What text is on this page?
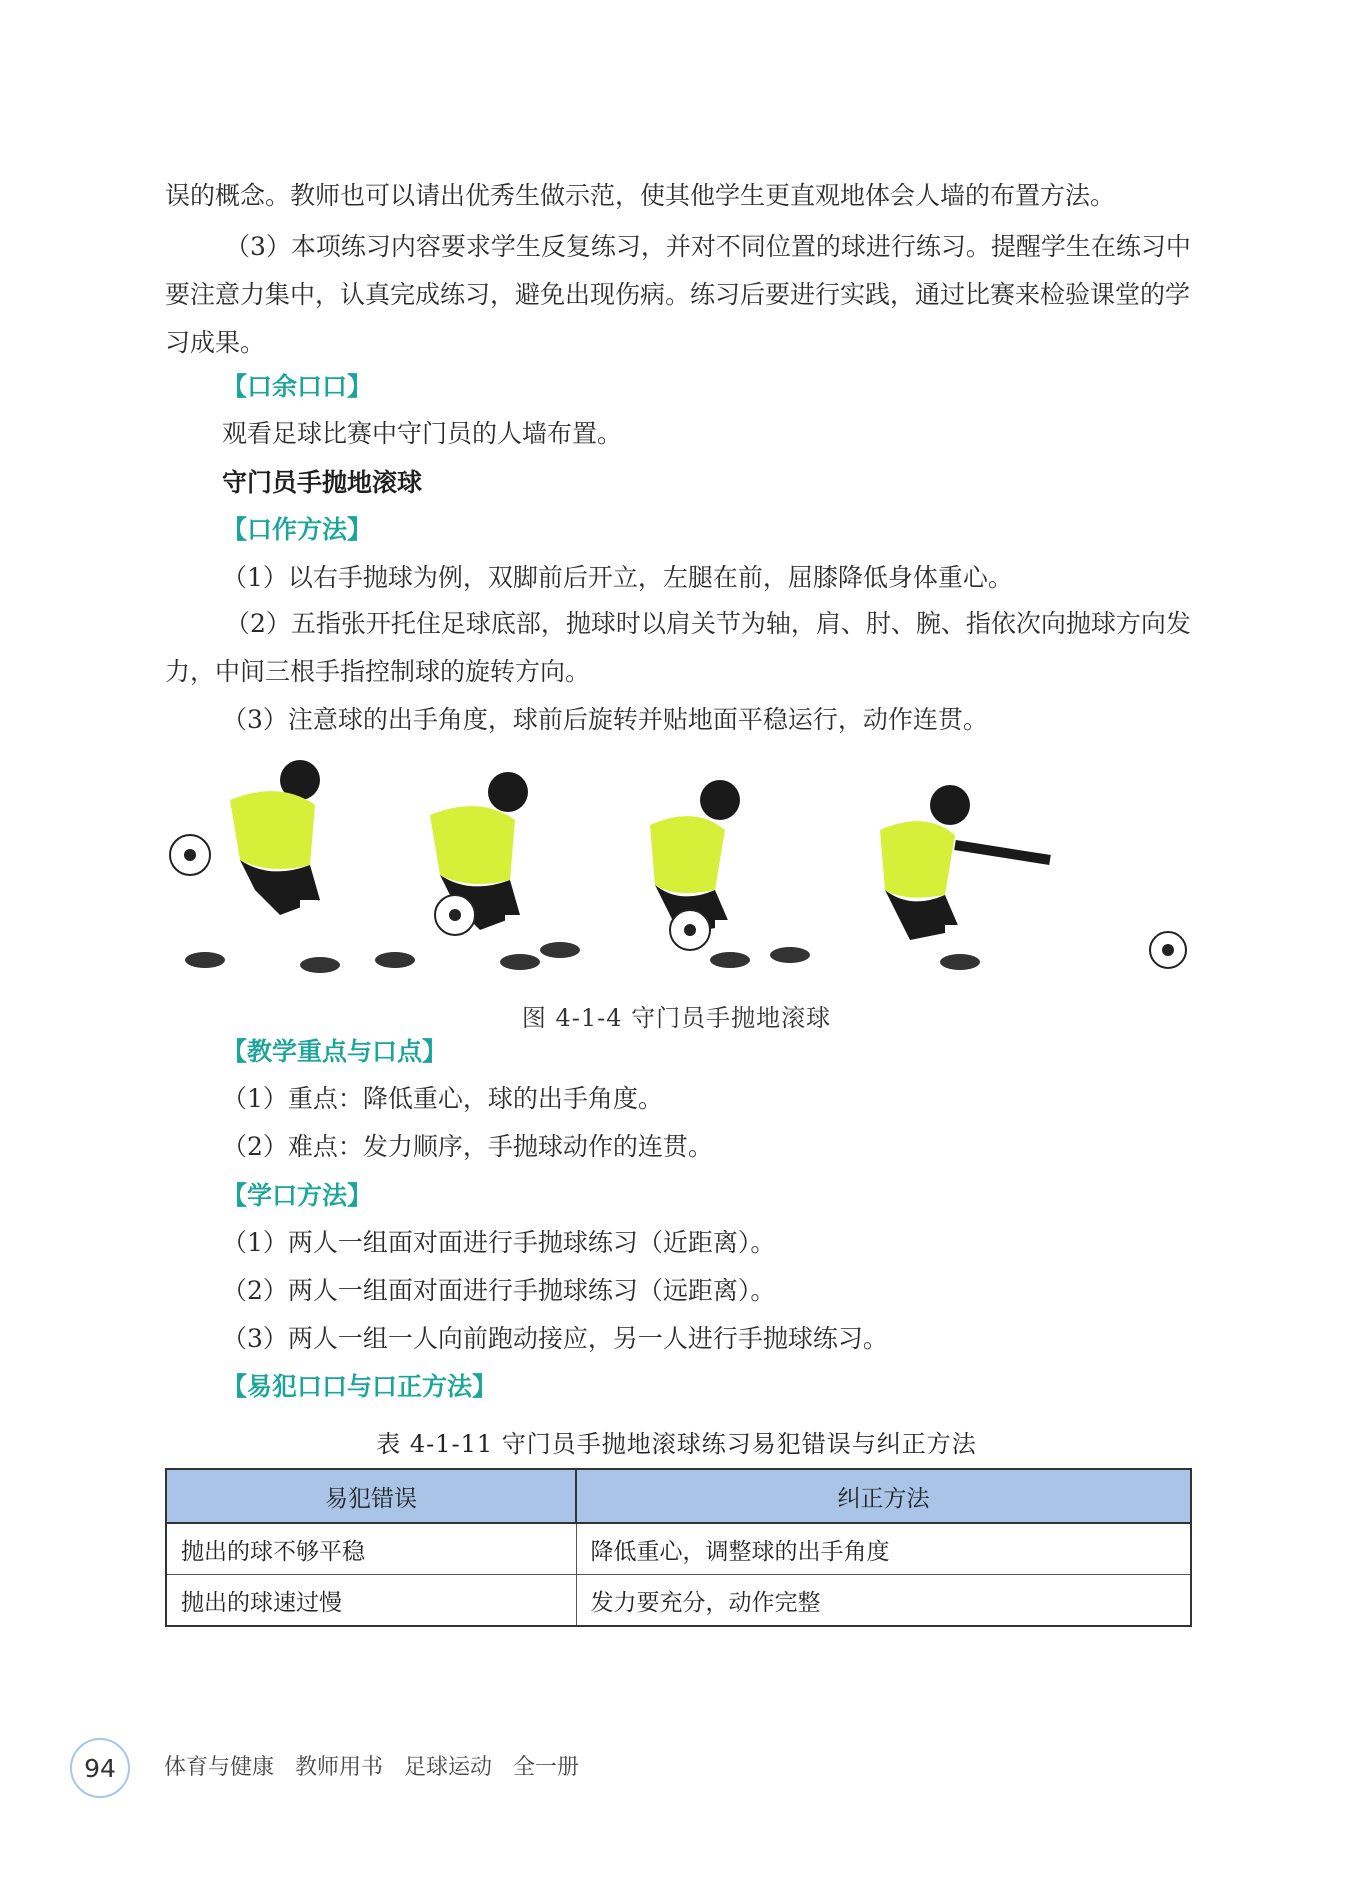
误的概念。教师也可以请出优秀生做示范，使其他学生更直观地体会人墙的布置方法。

（3）本项练习内容要求学生反复练习，并对不同位置的球进行练习。提醒学生在练习中要注意力集中，认真完成练习，避免出现伤病。练习后要进行实践，通过比赛来检验课堂的学习成果。

【口余口口】

观看足球比赛中守门员的人墙布置。

守门员手抛地滚球

【口作方法】

（1）以右手抛球为例，双脚前后开立，左腿在前，屈膝降低身体重心。

（2）五指张开托住足球底部，抛球时以肩关节为轴，肩、肘、腕、指依次向抛球方向发力，中间三根手指控制球的旋转方向。

（3）注意球的出手角度，球前后旋转并贴地面平稳运行，动作连贯。

图 4-1-4 守门员手抛地滚球

【教学重点与口点】

（1）重点：降低重心，球的出手角度。

（2）难点：发力顺序，手抛球动作的连贯。

【学口方法】

（1）两人一组面对面进行手抛球练习（近距离）。

（2）两人一组面对面进行手抛球练习（远距离）。

（3）两人一组一人向前跑动接应，另一人进行手抛球练习。

【易犯口口与口正方法】

表 4-1-11 守门员手抛地滚球练习易犯错误与纠正方法
易犯错误	纠正方法
抛出的球不够平稳	降低重心，调整球的出手角度
抛出的球速过慢	发力要充分，动作完整
94	体育与健康 教师用书 足球运动 全一册
